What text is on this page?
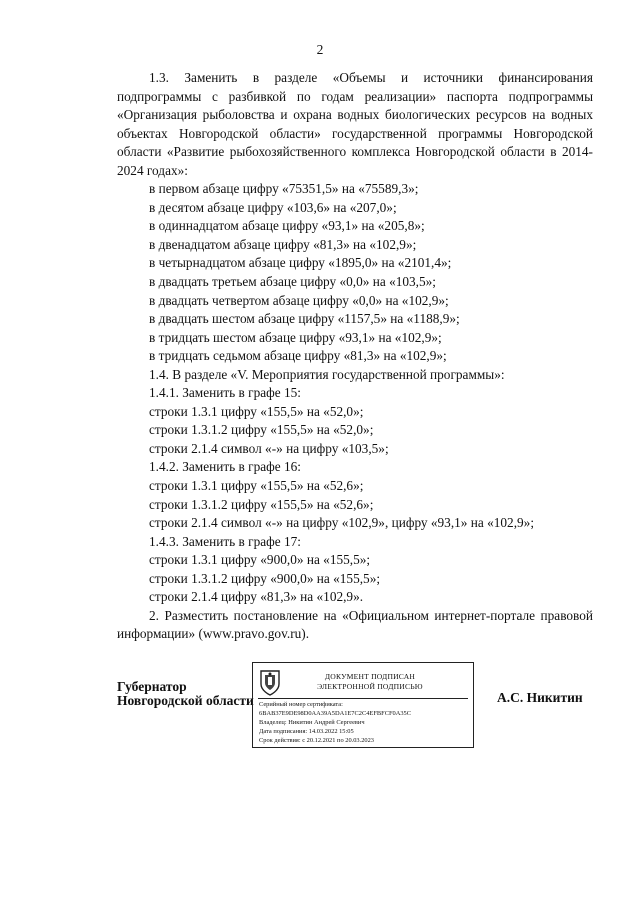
2

1.3. Заменить в разделе «Объемы и источники финансирования подпрограммы с разбивкой по годам реализации» паспорта подпрограммы «Организация рыболовства и охрана водных биологических ресурсов на водных объектах Новгородской области» государственной программы Новгородской области «Развитие рыбохозяйственного комплекса Новгородской области в 2014-2024 годах»:

в первом абзаце цифру «75351,5» на «75589,3»;

в десятом абзаце цифру «103,6» на «207,0»;

в одиннадцатом абзаце цифру «93,1» на «205,8»;

в двенадцатом абзаце цифру «81,3» на «102,9»;

в четырнадцатом абзаце цифру «1895,0» на «2101,4»;

в двадцать третьем абзаце цифру «0,0» на «103,5»;

в двадцать четвертом абзаце цифру «0,0» на «102,9»;

в двадцать шестом абзаце цифру «1157,5» на «1188,9»;

в тридцать шестом абзаце цифру «93,1» на «102,9»;

в тридцать седьмом абзаце цифру «81,3» на «102,9»;

1.4. В разделе «V. Мероприятия государственной программы»:

1.4.1. Заменить в графе 15:

строки 1.3.1 цифру «155,5» на «52,0»;

строки 1.3.1.2 цифру «155,5» на «52,0»;

строки 2.1.4 символ «-» на цифру «103,5»;

1.4.2. Заменить в графе 16:

строки 1.3.1 цифру «155,5» на «52,6»;

строки 1.3.1.2 цифру «155,5» на «52,6»;

строки 2.1.4 символ «-» на цифру «102,9», цифру «93,1» на «102,9»;

1.4.3. Заменить в графе 17:

строки 1.3.1 цифру «900,0» на «155,5»;

строки 1.3.1.2 цифру «900,0» на «155,5»;

строки 2.1.4 цифру «81,3» на «102,9».

2. Разместить постановление на «Официальном интернет-портале правовой информации» (www.pravo.gov.ru).

Губернатор
Новгородской области
ДОКУМЕНТ ПОДПИСАН
ЭЛЕКТРОННОЙ ПОДПИСЬЮ
Серийный номер сертификата:
6BAB37E9DE98D0AA39A5DA1E7C2C4EFBFCF0A35C
Владелец: Никитин Андрей Сергеевич
Дата подписания: 14.03.2022 15:05
Срок действия: с 20.12.2021 по 20.03.2023
А.С. Никитин
